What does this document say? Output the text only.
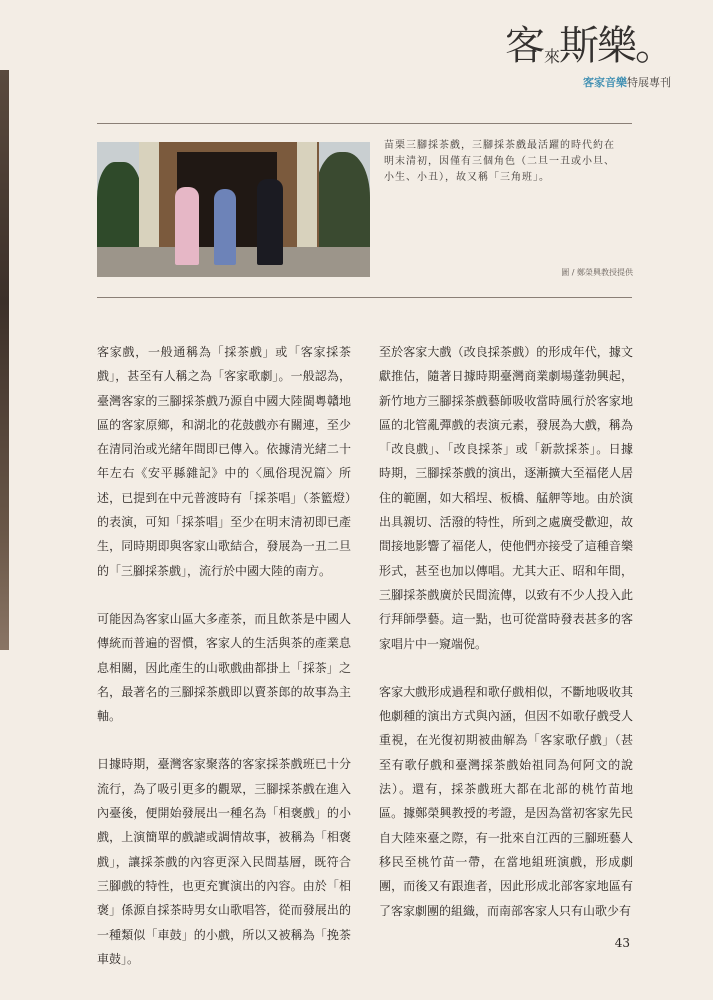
客$_來$斯樂。
客家音樂特展專刊

苗栗三腳採茶戲，三腳採茶戲最活躍的時代約在明末清初，因僅有三個角色（二旦一丑或小旦、小生、小丑），故又稱「三角班」。

圖 / 鄭榮興教授提供

客家戲，一般通稱為「採茶戲」或「客家採茶戲」，甚至有人稱之為「客家歌劇」。一般認為，臺灣客家的三腳採茶戲乃源自中國大陸閩粵贛地區的客家原鄉，和湖北的花鼓戲亦有關連，至少在清同治或光緒年間即已傳入。依據清光緒二十年左右《安平縣雜記》中的〈風俗現況篇〉所述，已提到在中元普渡時有「採茶唱」（茶籃燈）的表演，可知「採茶唱」至少在明末清初即已產生，同時期即與客家山歌結合，發展為一丑二旦的「三腳採茶戲」，流行於中國大陸的南方。

可能因為客家山區大多產茶，而且飲茶是中國人傳統而普遍的習慣，客家人的生活與茶的產業息息相關，因此產生的山歌戲曲都掛上「採茶」之名，最著名的三腳採茶戲即以賣茶郎的故事為主軸。

日據時期，臺灣客家聚落的客家採茶戲班已十分流行，為了吸引更多的觀眾，三腳採茶戲在進入內臺後，便開始發展出一種名為「相褒戲」的小戲，上演簡單的戲謔或調情故事，被稱為「相褒戲」，讓採茶戲的內容更深入民間基層，既符合三腳戲的特性，也更充實演出的內容。由於「相褒」係源自採茶時男女山歌唱答，從而發展出的一種類似「車鼓」的小戲，所以又被稱為「挽茶車鼓」。

至於客家大戲（改良採茶戲）的形成年代，據文獻推估，隨著日據時期臺灣商業劇場蓬勃興起，新竹地方三腳採茶戲藝師吸收當時風行於客家地區的北管亂彈戲的表演元素，發展為大戲，稱為「改良戲」、「改良採茶」或「新款採茶」。日據時期，三腳採茶戲的演出，逐漸擴大至福佬人居住的範圍，如大稻埕、板橋、艋舺等地。由於演出具親切、活潑的特性，所到之處廣受歡迎，故間接地影響了福佬人，使他們亦接受了這種音樂形式，甚至也加以傳唱。尤其大正、昭和年間，三腳採茶戲廣於民間流傳，以致有不少人投入此行拜師學藝。這一點，也可從當時發表甚多的客家唱片中一窺端倪。

客家大戲形成過程和歌仔戲相似，不斷地吸收其他劇種的演出方式與內涵，但因不如歌仔戲受人重視，在光復初期被曲解為「客家歌仔戲」（甚至有歌仔戲和臺灣採茶戲始祖同為何阿文的說法）。還有，採茶戲班大都在北部的桃竹苗地區。據鄭榮興教授的考證，是因為當初客家先民自大陸來臺之際，有一批來自江西的三腳班藝人移民至桃竹苗一帶，在當地組班演戲，形成劇團，而後又有跟進者，因此形成北部客家地區有了客家劇團的組織，而南部客家人只有山歌少有

43
